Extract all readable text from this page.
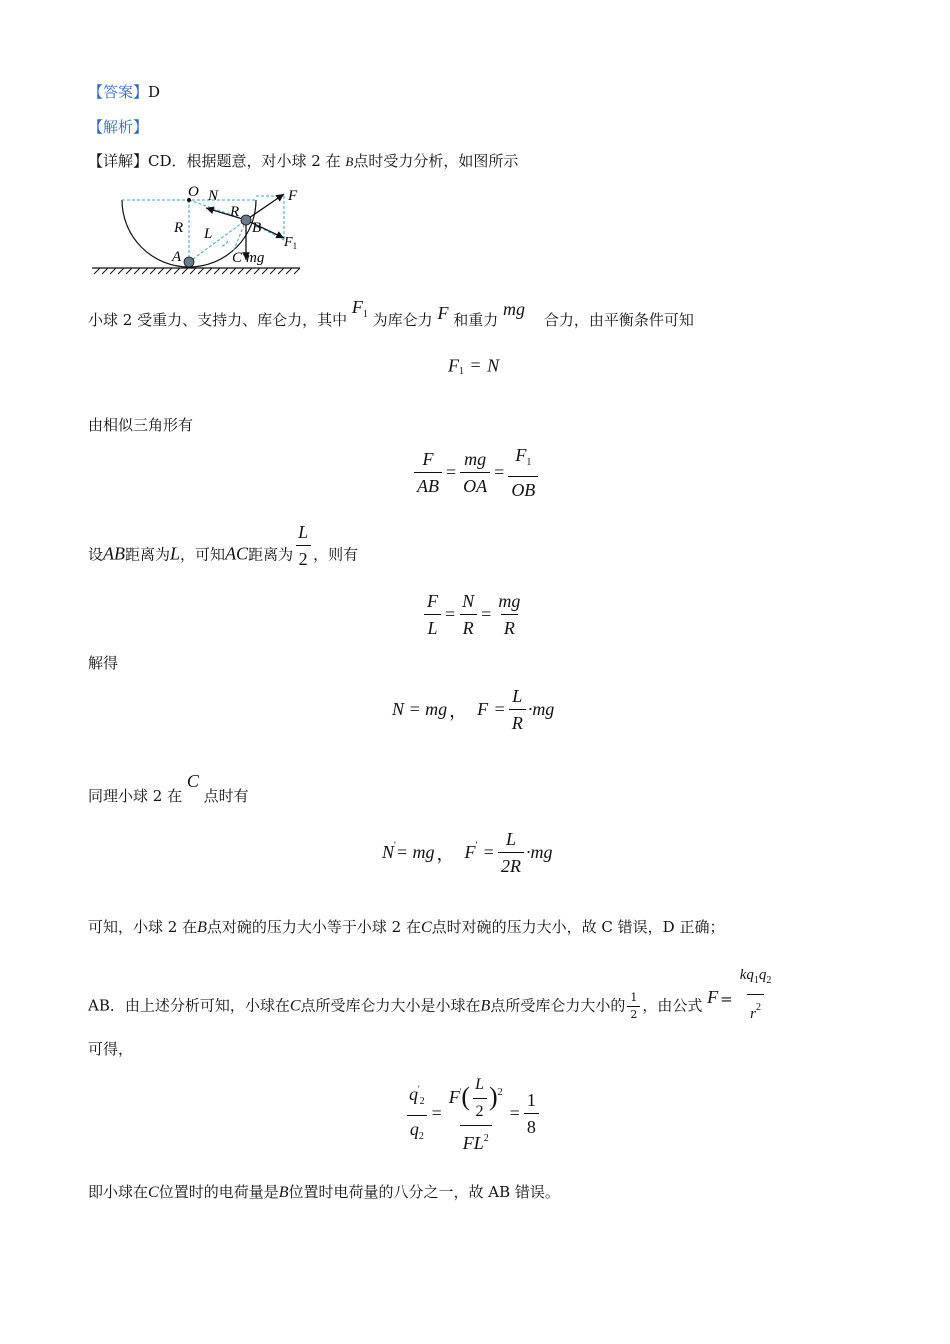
【答案】D
【解析】
【详解】CD．根据题意，对小球 2 在 B点时受力分析，如图所示
O N	F
R
R
B
L
$F_1$
A	C mg
小球 2 受重力、支持力、库仑力，其中 $F_1$ 为库仑力 F 和重力 mg 合力，由平衡条件可知
$F_1 = N$
由相似三角形有
$\frac{F}{AB} = \frac{mg}{OA} = \frac{F_1}{OB}$
设AB距离为L，可知AC距离为 $\frac{L}{2}$ ，则有
$\frac{F}{L} = \frac{N}{R} = \frac{mg}{R}$
解得
N = mg ， $F = \frac{L}{R} \cdot mg$
同理小球 2 在 C 点时有
N'= mg ， $F' = \frac{L}{2R} \cdot mg$
可知，小球 2 在B点对碗的压力大小等于小球 2 在C点时对碗的压力大小，故 C 错误，D 正确；
AB．由上述分析可知，小球在C点所受库仑力大小是小球在B点所受库仑力大小的 $\frac{1}{2}$ ，由公式 $F = \frac{kq_1q_2}{r^2}$
可得，
$\frac{q'_2}{q_2} = \frac{F'( \frac{L}{2} )^2}{FL^2} = \frac{1}{8}$
即小球在C位置时的电荷量是B位置时电荷量的八分之一，故 AB 错误。
